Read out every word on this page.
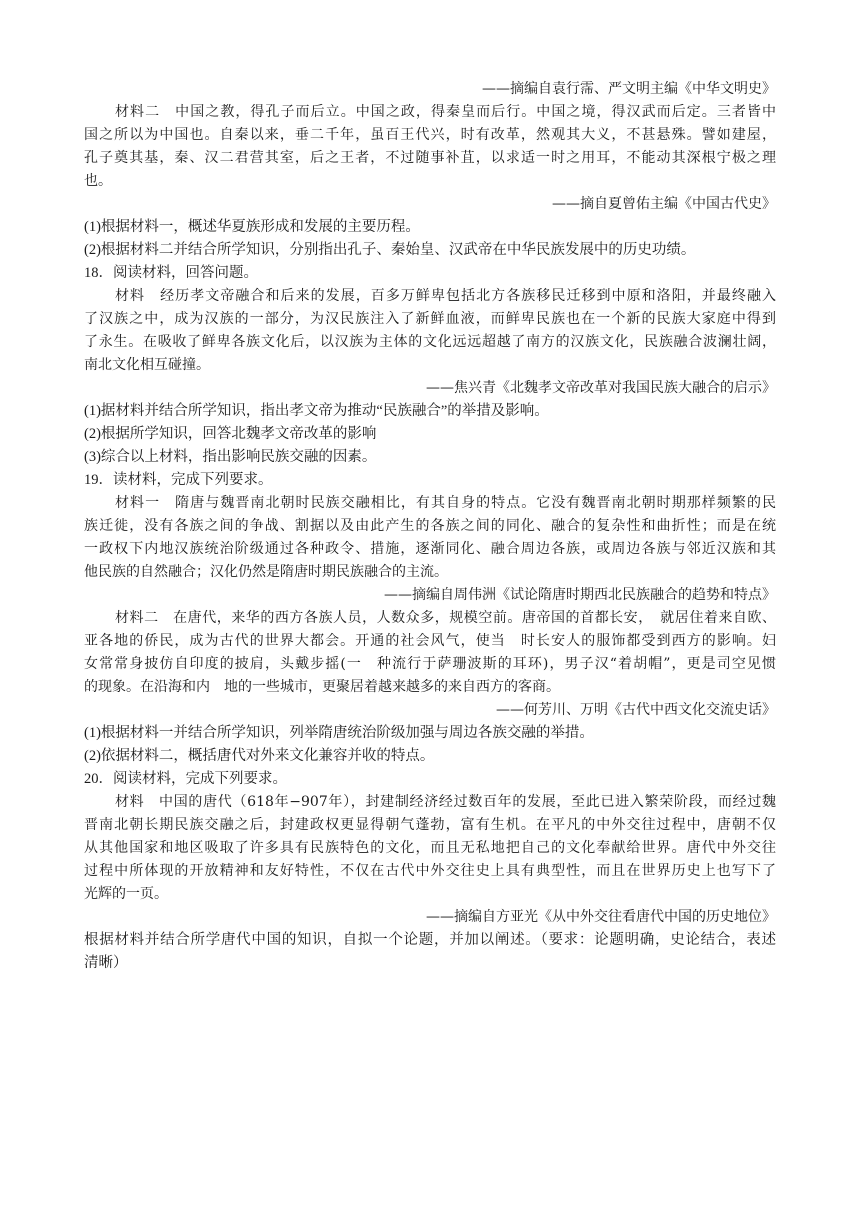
——摘编自袁行霈、严文明主编《中华文明史》
材料二　中国之教，得孔子而后立。中国之政，得秦皇而后行。中国之境，得汉武而后定。三者皆中
国之所以为中国也。自秦以来，垂二千年，虽百王代兴，时有改革，然观其大义，不甚悬殊。譬如建屋，
孔子奠其基，秦、汉二君营其室，后之王者，不过随事补苴，以求适一时之用耳，不能动其深根宁极之理
也。
——摘自夏曾佑主编《中国古代史》
(1)根据材料一，概述华夏族形成和发展的主要历程。
(2)根据材料二并结合所学知识，分别指出孔子、秦始皇、汉武帝在中华民族发展中的历史功绩。
18．阅读材料，回答问题。
材料　经历孝文帝融合和后来的发展，百多万鲜卑包括北方各族移民迁移到中原和洛阳，并最终融入
了汉族之中，成为汉族的一部分，为汉民族注入了新鲜血液，而鲜卑民族也在一个新的民族大家庭中得到
了永生。在吸收了鲜卑各族文化后，以汉族为主体的文化远远超越了南方的汉族文化，民族融合波澜壮阔，
南北文化相互碰撞。
——焦兴青《北魏孝文帝改革对我国民族大融合的启示》
(1)据材料并结合所学知识，指出孝文帝为推动“民族融合”的举措及影响。
(2)根据所学知识，回答北魏孝文帝改革的影响
(3)综合以上材料，指出影响民族交融的因素。
19．读材料，完成下列要求。
材料一　隋唐与魏晋南北朝时民族交融相比，有其自身的特点。它没有魏晋南北朝时期那样频繁的民
族迁徙，没有各族之间的争战、割据以及由此产生的各族之间的同化、融合的复杂性和曲折性；而是在统
一政权下内地汉族统治阶级通过各种政令、措施，逐渐同化、融合周边各族，或周边各族与邻近汉族和其
他民族的自然融合；汉化仍然是隋唐时期民族融合的主流。
——摘编自周伟洲《试论隋唐时期西北民族融合的趋势和特点》
材料二　在唐代，来华的西方各族人员，人数众多，规模空前。唐帝国的首都长安，　就居住着来自欧、
亚各地的侨民，成为古代的世界大都会。开通的社会风气，使当　时长安人的服饰都受到西方的影响。妇
女常常身披仿自印度的披肩，头戴步摇(一　种流行于萨珊波斯的耳环)，男子汉“着胡帽”，更是司空见惯
的现象。在沿海和内　地的一些城市，更聚居着越来越多的来自西方的客商。
——何芳川、万明《古代中西文化交流史话》
(1)根据材料一并结合所学知识，列举隋唐统治阶级加强与周边各族交融的举措。
(2)依据材料二，概括唐代对外来文化兼容并收的特点。
20．阅读材料，完成下列要求。
材料　中国的唐代（618年−907年），封建制经济经过数百年的发展，至此已进入繁荣阶段，而经过魏
晋南北朝长期民族交融之后，封建政权更显得朝气蓬勃，富有生机。在平凡的中外交往过程中，唐朝不仅
从其他国家和地区吸取了许多具有民族特色的文化，而且无私地把自己的文化奉献给世界。唐代中外交往
过程中所体现的开放精神和友好特性，不仅在古代中外交往史上具有典型性，而且在世界历史上也写下了
光辉的一页。
——摘编自方亚光《从中外交往看唐代中国的历史地位》
根据材料并结合所学唐代中国的知识，自拟一个论题，并加以阐述。（要求：论题明确，史论结合，表述
清晰）
